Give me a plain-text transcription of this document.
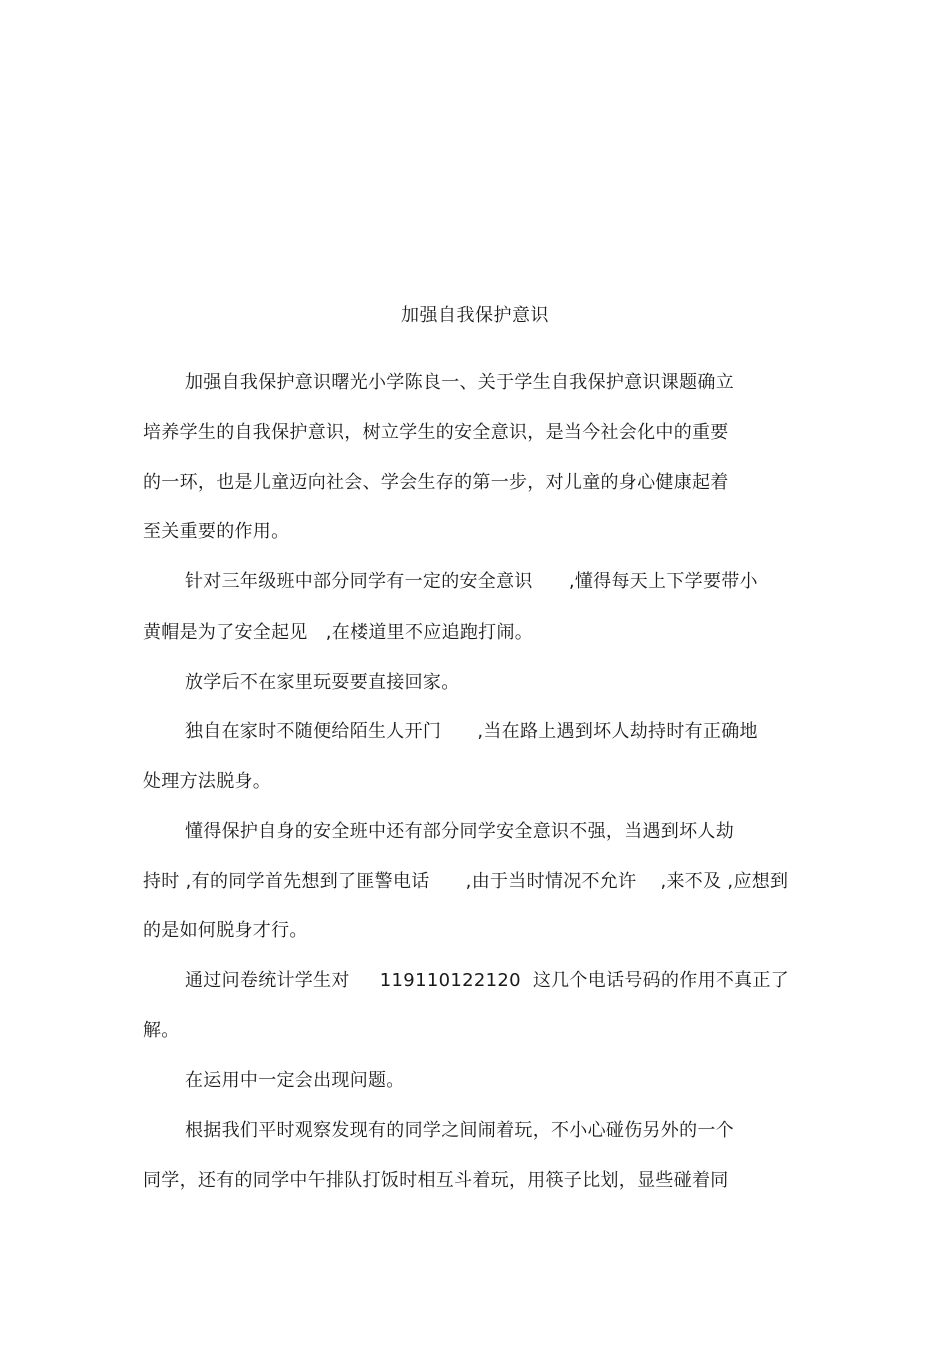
加强自我保护意识
加强自我保护意识曙光小学陈良一、关于学生自我保护意识课题确立
培养学生的自我保护意识，树立学生的安全意识，是当今社会化中的重要
的一环，也是儿童迈向社会、学会生存的第一步，对儿童的身心健康起着
至关重要的作用。
针对三年级班中部分同学有一定的安全意识      ,懂得每天上下学要带小
黄帽是为了安全起见   ,在楼道里不应追跑打闹。
放学后不在家里玩耍要直接回家。
独自在家时不随便给陌生人开门      ,当在路上遇到坏人劫持时有正确地
处理方法脱身。
懂得保护自身的安全班中还有部分同学安全意识不强，当遇到坏人劫
持时 ,有的同学首先想到了匪警电话      ,由于当时情况不允许    ,来不及 ,应想到
的是如何脱身才行。
通过问卷统计学生对     119110122120  这几个电话号码的作用不真正了
解。
在运用中一定会出现问题。
根据我们平时观察发现有的同学之间闹着玩，不小心碰伤另外的一个
同学，还有的同学中午排队打饭时相互斗着玩，用筷子比划，显些碰着同
